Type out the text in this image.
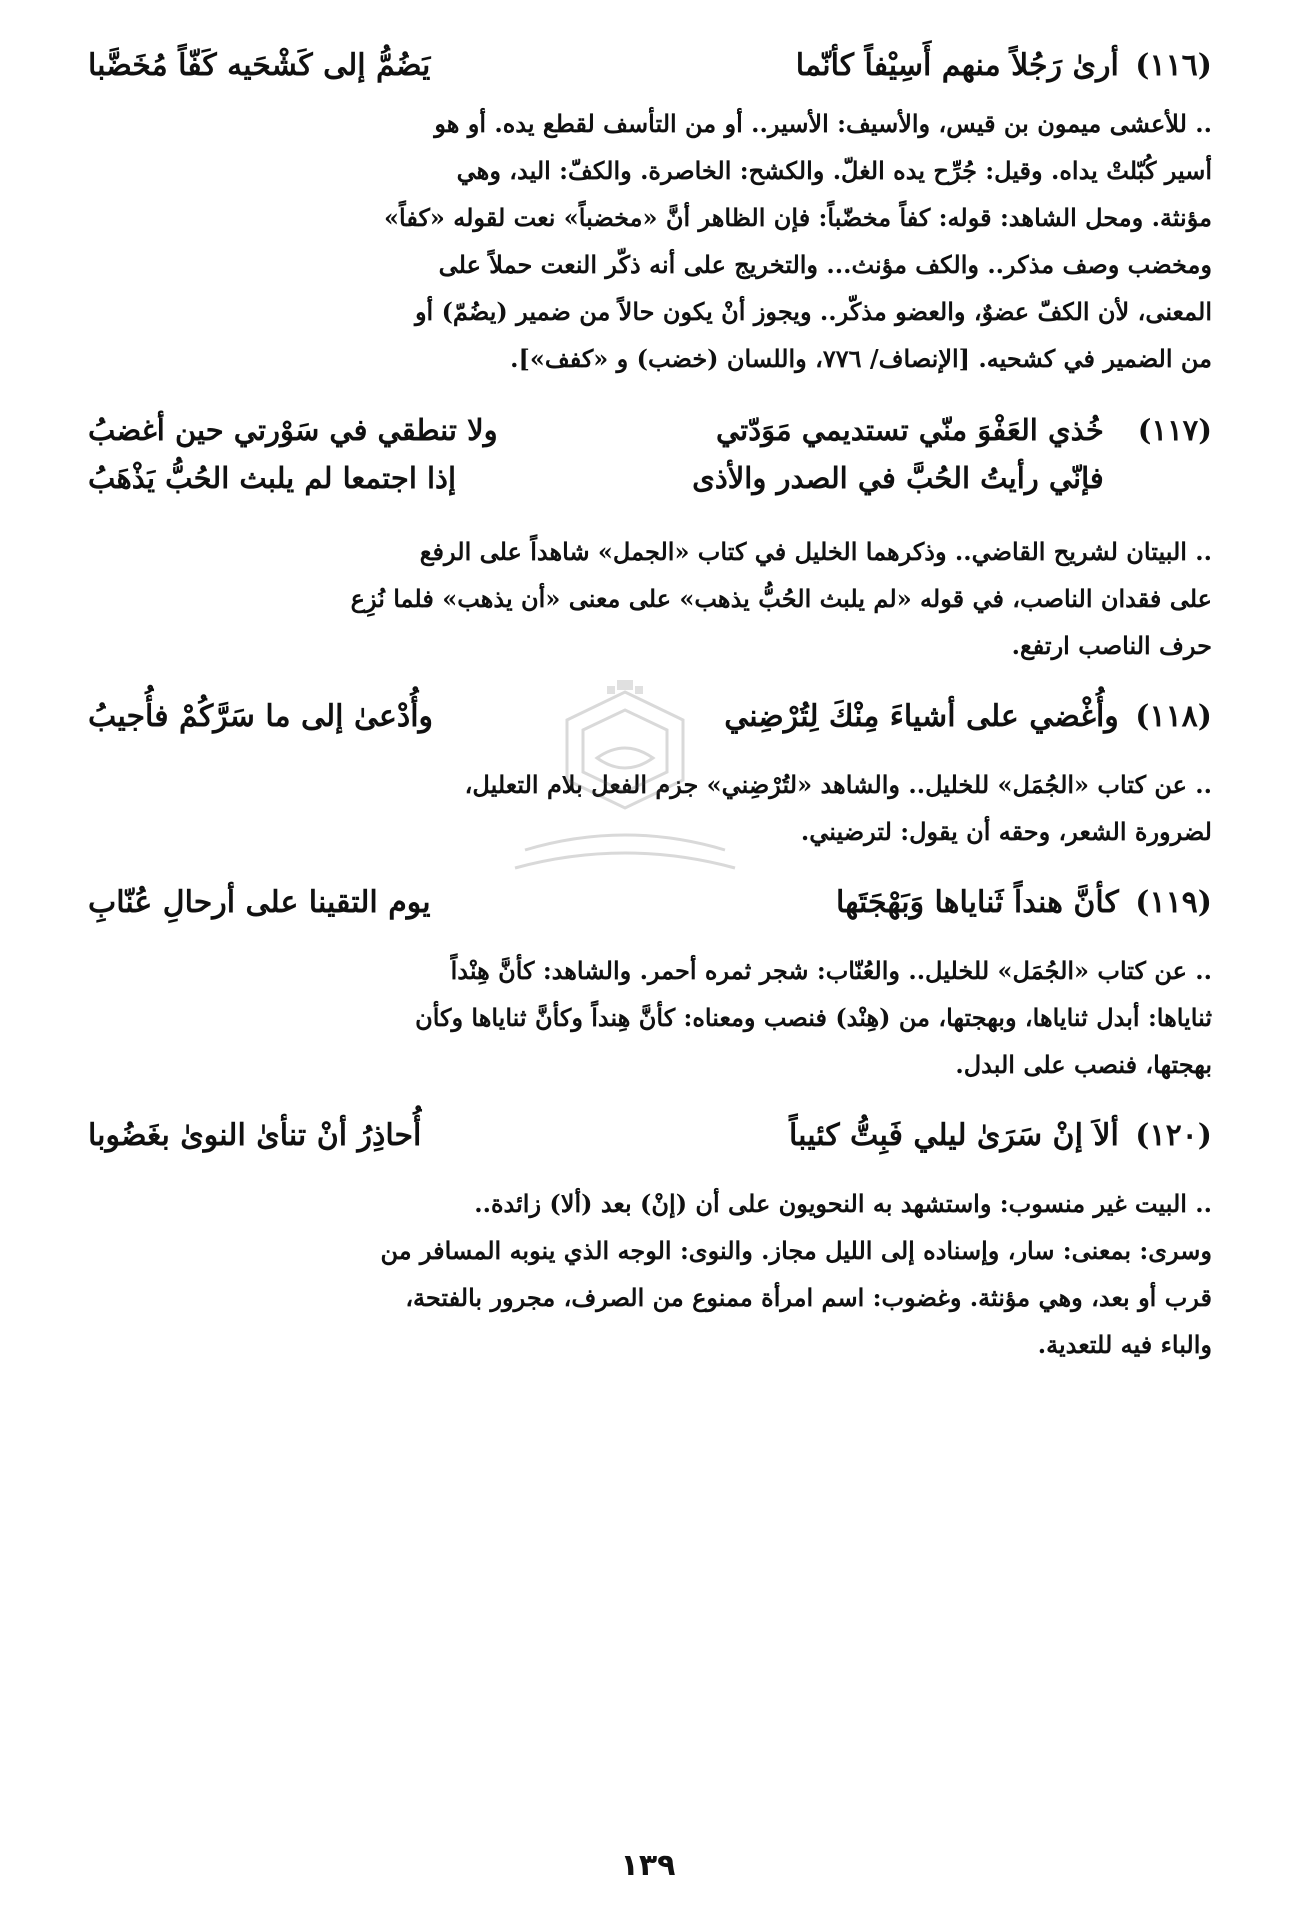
(١١٦) أرىٰ رَجُلاً منهم أَسِيْفاً كأنّما
يَضُمُّ إلى كَشْحَيه كَفّاً مُخَضَّبا
.. للأعشى ميمون بن قيس، والأسيف: الأسير.. أو من التأسف لقطع يده. أو هو
أسير كُبّلتْ يداه. وقيل: جُرِّح يده الغلّ. والكشح: الخاصرة. والكفّ: اليد، وهي
مؤنثة. ومحل الشاهد: قوله: كفاً مخضّباً: فإن الظاهر أنَّ «مخضباً» نعت لقوله «كفاً»
ومخضب وصف مذكر.. والكف مؤنث... والتخريج على أنه ذكّر النعت حملاً على
المعنى، لأن الكفّ عضوٌ، والعضو مذكّر.. ويجوز أنْ يكون حالاً من ضمير (يضُمّ) أو
من الضمير في كشحيه. [الإنصاف/ ٧٧٦، واللسان (خضب) و «كفف»].
(١١٧)
خُذي العَفْوَ منّي تستديمي مَوَدّتي
ولا تنطقي في سَوْرتي حين أغضبُ
فإنّي رأيتُ الحُبَّ في الصدر والأذى
إذا اجتمعا لم يلبث الحُبُّ يَذْهَبُ
.. البيتان لشريح القاضي.. وذكرهما الخليل في كتاب «الجمل» شاهداً على الرفع
على فقدان الناصب، في قوله «لم يلبث الحُبُّ يذهب» على معنى «أن يذهب» فلما نُزِع
حرف الناصب ارتفع.
(١١٨) وأُغْضي على أشياءَ مِنْكَ لِتُرْضِني
وأُدْعىٰ إلى ما سَرَّكُمْ فأُجيبُ
.. عن كتاب «الجُمَل» للخليل.. والشاهد «لتُرْضِني» جزم الفعل بلام التعليل،
لضرورة الشعر، وحقه أن يقول: لترضيني.
(١١٩) كأنَّ هنداً ثَناياها وَبَهْجَتَها
يوم التقينا على أرحالِ عُنّابِ
.. عن كتاب «الجُمَل» للخليل.. والعُنّاب: شجر ثمره أحمر. والشاهد: كأنَّ هِنْداً
ثناياها: أبدل ثناياها، وبهجتها، من (هِنْد) فنصب ومعناه: كأنَّ هِنداً وكأنَّ ثناياها وكأن
بهجتها، فنصب على البدل.
(١٢٠) ألاَ إنْ سَرَىٰ ليلي فَبِتُّ كئيباً
أُحاذِرُ أنْ تنأىٰ النوىٰ بغَضُوبا
.. البيت غير منسوب: واستشهد به النحويون على أن (إنْ) بعد (ألا) زائدة..
وسرى: بمعنى: سار، وإسناده إلى الليل مجاز. والنوى: الوجه الذي ينوبه المسافر من
قرب أو بعد، وهي مؤنثة. وغضوب: اسم امرأة ممنوع من الصرف، مجرور بالفتحة،
والباء فيه للتعدية.
١٣٩
